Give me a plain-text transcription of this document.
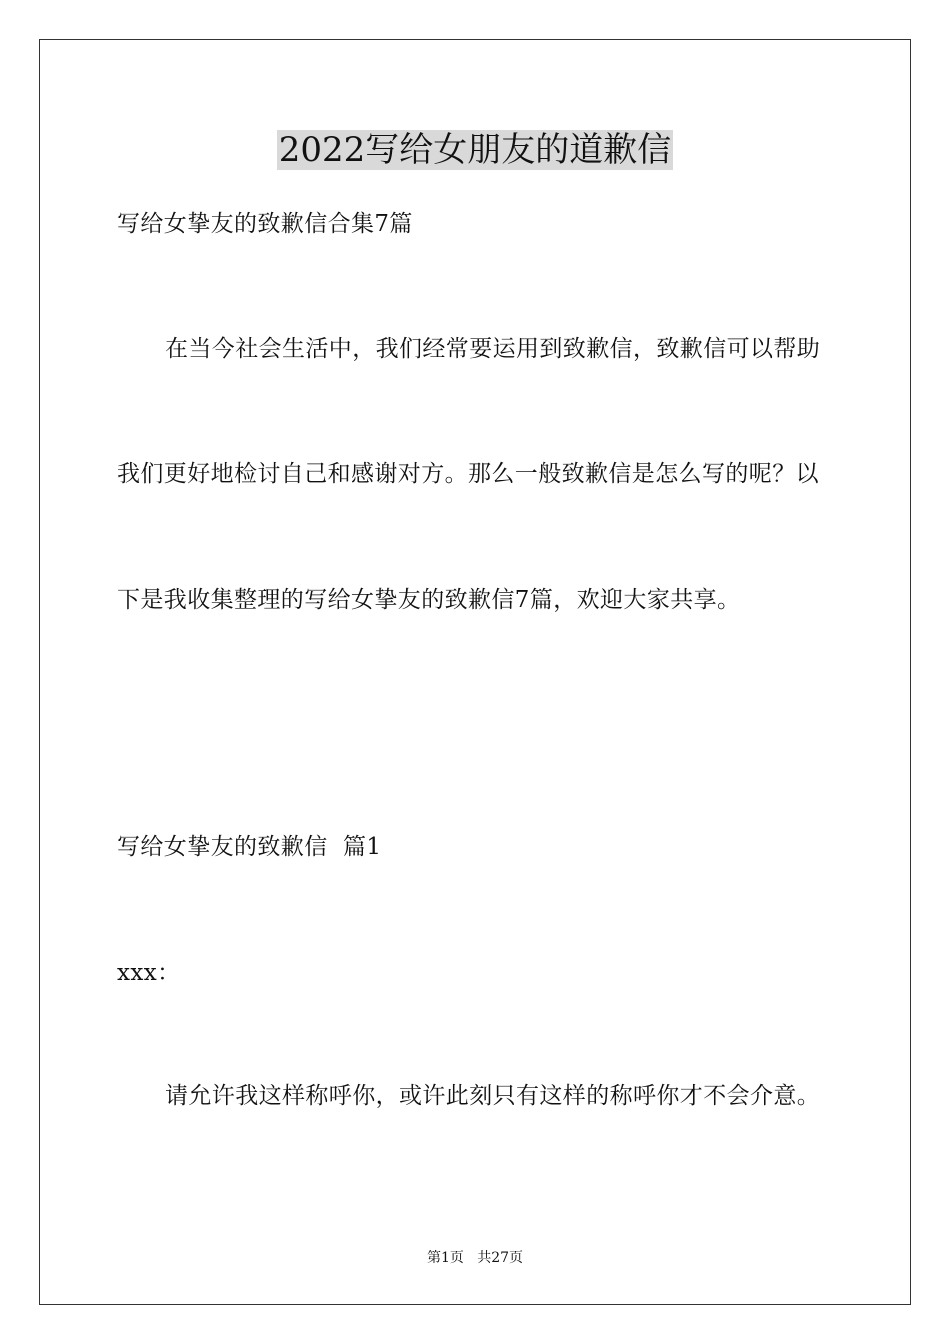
2022写给女朋友的道歉信
写给女挚友的致歉信合集7篇
在当今社会生活中，我们经常要运用到致歉信，致歉信可以帮助
我们更好地检讨自己和感谢对方。那么一般致歉信是怎么写的呢？以
下是我收集整理的写给女挚友的致歉信7篇，欢迎大家共享。
写给女挚友的致歉信  篇1
xxx：
请允许我这样称呼你，或许此刻只有这样的称呼你才不会介意。
第1页   共27页
